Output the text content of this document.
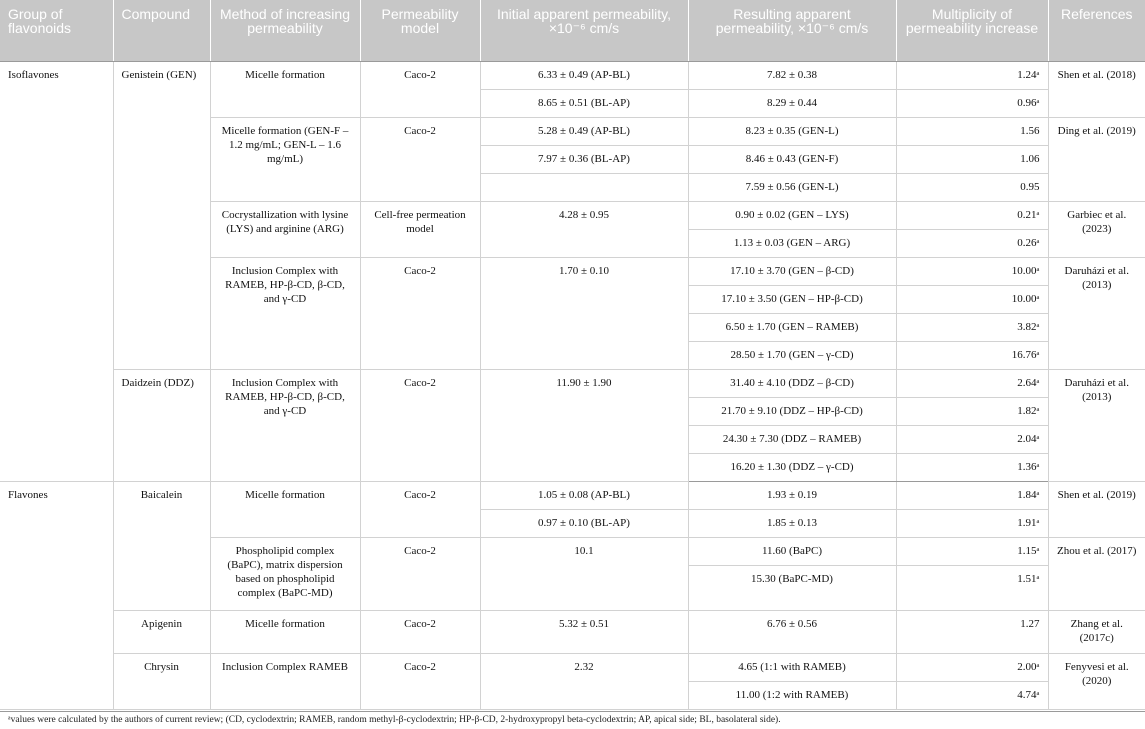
Group of flavonoids	Compound	Method of increasing permeability	Permeability model	Initial apparent permeability, ×10⁻⁶ cm/s	Resulting apparent permeability, ×10⁻⁶ cm/s	Multiplicity of permeability increase	References
Isoflavones	Genistein (GEN)	Micelle formation	Caco-2	6.33 ± 0.49 (AP-BL)	7.82 ± 0.38	1.24ᵃ	Shen et al. (2018)
				8.65 ± 0.51 (BL-AP)	8.29 ± 0.44	0.96ᵃ	
		Micelle formation (GEN-F – 1.2 mg/mL; GEN-L – 1.6 mg/mL)	Caco-2	5.28 ± 0.49 (AP-BL)	8.23 ± 0.35 (GEN-L)	1.56	Ding et al. (2019)
				7.97 ± 0.36 (BL-AP)	8.46 ± 0.43 (GEN-F)	1.06	
					7.59 ± 0.56 (GEN-L)	0.95	
		Cocrystallization with lysine (LYS) and arginine (ARG)	Cell-free permeation model	4.28 ± 0.95	0.90 ± 0.02 (GEN – LYS)	0.21ᵃ	Garbiec et al. (2023)
					1.13 ± 0.03 (GEN – ARG)	0.26ᵃ	
		Inclusion Complex with RAMEB, HP-β-CD, β-CD, and γ-CD	Caco-2	1.70 ± 0.10	17.10 ± 3.70 (GEN – β-CD)	10.00ᵃ	Daruházi et al. (2013)
					17.10 ± 3.50 (GEN – HP-β-CD)	10.00ᵃ	
					6.50 ± 1.70 (GEN – RAMEB)	3.82ᵃ	
					28.50 ± 1.70 (GEN – γ-CD)	16.76ᵃ	
	Daidzein (DDZ)	Inclusion Complex with RAMEB, HP-β-CD, β-CD, and γ-CD	Caco-2	11.90 ± 1.90	31.40 ± 4.10 (DDZ – β-CD)	2.64ᵃ	Daruházi et al. (2013)
					21.70 ± 9.10 (DDZ – HP-β-CD)	1.82ᵃ	
					24.30 ± 7.30 (DDZ – RAMEB)	2.04ᵃ	
					16.20 ± 1.30 (DDZ – γ-CD)	1.36ᵃ	
Flavones	Baicalein	Micelle formation	Caco-2	1.05 ± 0.08 (AP-BL)	1.93 ± 0.19	1.84ᵃ	Shen et al. (2019)
				0.97 ± 0.10 (BL-AP)	1.85 ± 0.13	1.91ᵃ	
		Phospholipid complex (BaPC), matrix dispersion based on phospholipid complex (BaPC-MD)	Caco-2	10.1	11.60 (BaPC)	1.15ᵃ	Zhou et al. (2017)
					15.30 (BaPC-MD)	1.51ᵃ	
	Apigenin	Micelle formation	Caco-2	5.32 ± 0.51	6.76 ± 0.56	1.27	Zhang et al. (2017c)
	Chrysin	Inclusion Complex RAMEB	Caco-2	2.32	4.65 (1:1 with RAMEB)	2.00ᵃ	Fenyvesi et al. (2020)
					11.00 (1:2 with RAMEB)	4.74ᵃ	
ᵃvalues were calculated by the authors of current review; (CD, cyclodextrin; RAMEB, random methyl-β-cyclodextrin; HP-β-CD, 2-hydroxypropyl beta-cyclodextrin; AP, apical side; BL, basolateral side).
